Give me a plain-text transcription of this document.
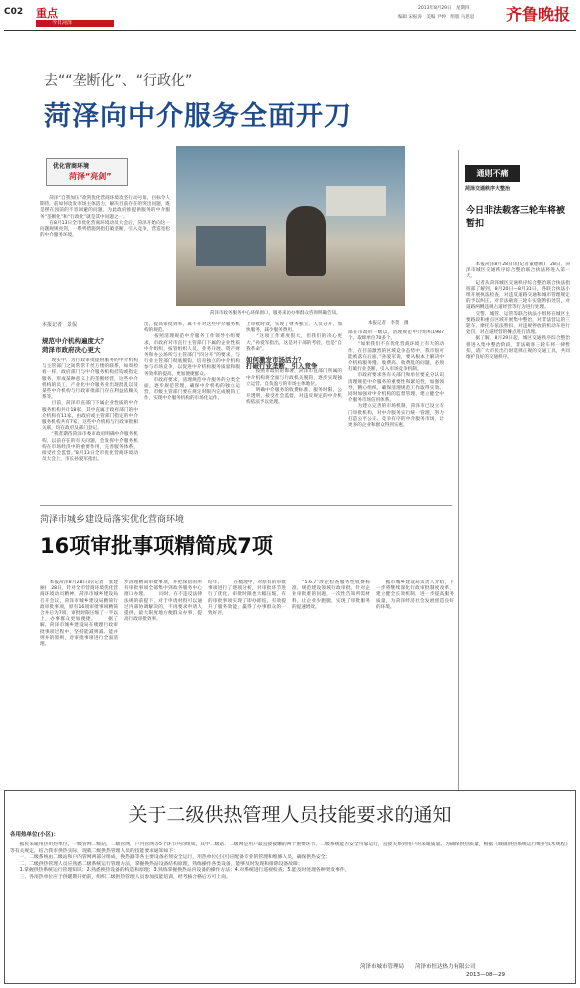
C02 重点
今日菏泽
2013年8月29日　星期四
编辑 宋振涛　美编 尹婷　组版 马思思 齐鲁晚报
去““垄断化”、“行政化”
菏泽向中介服务全面开刀
优化营商环境
菏泽“亮剑”
　　菏泽“自我加压”欲剑优化营商环境攻坚行动号角，目标令人期待。前如何攻发市场主体活力，解决目前存在的突出问题，既是摆在园前的不容回避的问题，为此政府推提供服务的中介服务“垄断化”和“行政化”就是其中问题之一。
　　在8月13日全市优化营商环境动员大会后，菏泽开始向这一问题规规亮剑，一系列措施剑指打破垄断，引入竞争，营造宽松的中介服务环境。
菏泽市政务服务中心环保窗口，服务来访办事群众咨询明确告知。
本报记者　李贺　摄
本报记者　景侃
规范中介机构遍度大？
菏泽市政府决心更大
　　现实中，为行政审批提供服务的中介机构与主管部门之间常常千丝万缕的联系，如周检看一样，政府部门与中介服务机构挂钩或指定服务，形成某种意义上的垄断经营，这些中介机构的员工，产业化中介服务业出现混乱以及某些中介机构与行政审批部门存在利益依赖关系等。
　　目前，菏泽市直部门下属企业性质的中介服务机构共计18家，其中直属于政府部门的中介机构有11家，由政府或主管部门指定的中介服务机构共有7家，这些中介机构与行政审批相关联，均在政府及部门登记。
　　“我者期待菏泽市委市政府明确中介服务机构，以前存在的有关问题，会发挥中介服务机构在市场经济中的重要作用，完善服务体系，接受社会监督。”8月13日全市优化营商环境动员大会上，市长孙爱军指出。
出，提高审批效率，离不开对这些中介服务机构的规范。
　　按照清理规范中介服务工作领导小组要求，市政府对市直行主管部门下属的企业性质中介组织，按管组织人员、业务开展、资产财务和办公场所与主管部门“四分开”的要求，与行业主管部门彻底脱钩，培育独立的中介机构参与市场竞争，以促进中介机构服务质量和服务效率的提高，更加便捷群众。
　　市政府要求，清理规范中介服务的分类全面，逐步规范管理，确保中介机构的独立运营，市级主管部门要在规定时限内完成脱钩工作，实现中介服务机构的市场化运作。
上审批时效，实现了财务独立、人员分开，加快服务，减少服务费用。
　　“这项工作难度很大，但我们的决心更大，”孙爱军指出，这是对干部的考验，也是“自我革命”。
如何激发市场活力？
打破行业垄断，引入竞争
　　按照市政府的部署，菏泽市直部门所属的中介机构将全面与行政机关脱钩，逐步实现独立运营、自负盈亏的市场主体地位。
　　明确中介服务的收费标准、服务时限，公开透明，接受社会监督，对违反规定的中介机构依法予以处理。
部在市政府一级以，清理规范中介组织1987个。取缔单位70多个。
　　“如果我们不在优化营商环境上有大的动作，在目前激烈的区域竞争态势中，我市很可能被落在后面，”孙爱军说，要从根本上解决中介机构服务慢、收费高、收费乱的问题，必须打破行业垄断，引入市场竞争机制。
　　市政府要求各有关部门和单位要充分认识清理规范中介服务的重要性和紧迫性，加强领导，精心组织，确保清理规范工作取得实效。同时加强对中介机构的监督管理，建立健全中介服务市场信用体系。
　　为建立完善的市场机制，菏泽市已设立专门审批机构，对中介服务实行统一管理，努力打造公平公正、竞争有序的中介服务市场，让更多的企业和群众得到实惠。
通则不痛
菏泽交通秩序大整治
今日非法载客三轮车将被暂扣
　　本报菏泽8月28日讯(记者董德刚)　28日，菏泽市城区交通秩序综合整治联合执法将进入第一天。
　　记者从菏泽城区交通秩序综合整治联合执法指挥部了解到，8月20日—8月31日，各联合执法小组开展执法检查，对违反道路交通和城市管理规定的予以纠正，对非法载客三轮车实施暂扣处罚，对道路两侧违规占道经营等行为进行处理。
　　交警、城管、运管等联合执法小组将在城区主要路段和重点区域开展集中整治，对非法营运的三轮车、摩托车依法暂扣，对违规停放的机动车进行处罚，对占道经营的摊点进行清理。
　　据了解，8月29日起，城区交通秩序综合整治将进入集中整治阶段，非法载客三轮车将一律暂扣，请广大市民出行时选择正规的交通工具，共同维护良好的交通秩序。
菏泽市城乡建设局落实优化营商环境
16项审批事项精简成7项
　　本报菏泽8月28日讯(记者　张建丽)　28日，针对全市营商环境优化营商环境动员精神，菏泽市城乡建设局召开会议，菏泽市城乡建设局精简行政审批事项，原有16项审批事项精简合并后为7项，审批时限压缩了一半以上，办事群众更加便捷。 　　据了解，菏泽市城乡建设局在梳理行政审批事项过程中，坚持能减则减、能并则并的原则，对审批事项进行全面清理。
步清理精简审批事项，并把保留的所有审批事项全部集中到政务服务中心窗口办理。 　　同时，在不违反法律法规的前提下，对于申请材料可以通过内部协调解决的，不再要求申请人提供，最大限度地方便群众办事，提高行政审批效率。
结年。 　　在梳理中，对原有的审批事项进行了逐项分析，对审批环节进行了优化，审批时限也大幅压缩，有的审批事项实现了即办即结，有效提升了服务效能，赢得了办事群众的一致好评。
　　“5.6.7”涉企检查服务性收费标准，规范建设领域行政审批，针对企业审批难的问题，一次性告知所需材料，让企业少跑腿，实现了审批服务的提速增效。
　　据市城乡建设局负责人介绍，下一步将继续深化行政审批制度改革，建立健全长效机制，进一步提高服务质量，为菏泽经济社会发展创造良好的环境。
关于二级供热管理人员技能要求的通知
各用热单位(小区)：
　　据民采暖用热用热单位，一级管网二级站，二级管网，户内管网等5个环节共同组成，其中二级站、二级网是用户最直接接触的两个重要环节，二级系统能否安全可靠运行，直接关系到用户的采暖质量。为确保供热质量，根据《城镇供热系统运行维护技术规程》等有关规定，结合我市供热实际，现就二级供热管理人员的技能要求通知如下：
　　一、二级系统由二级站和户内管网两部分组成，换热器等各主要设备必须安全运行，用热单位(小区)应配备专业的管理和维修人员，确保供热安全；
　　二、二级供热管理人员应熟悉二级系统运行管理方法，掌握换热站设备结构原理，熟练操作各类设备，能够及时发现和排除设备故障；
　　1.掌握供热系统运行管理知识；2.熟悉换热设备的构造和原理；3.熟练掌握换热站内设备的操作方法；4.对系统进行巡视检查；5.能及时处理各种突发事件。
　　三、各用热单位应于供暖期开始前，组织二级供热管理人员参加技能培训，经考核合格后方可上岗。
菏泽市城市管理局　　菏泽市恒达热力有限公司
2013—08—29
